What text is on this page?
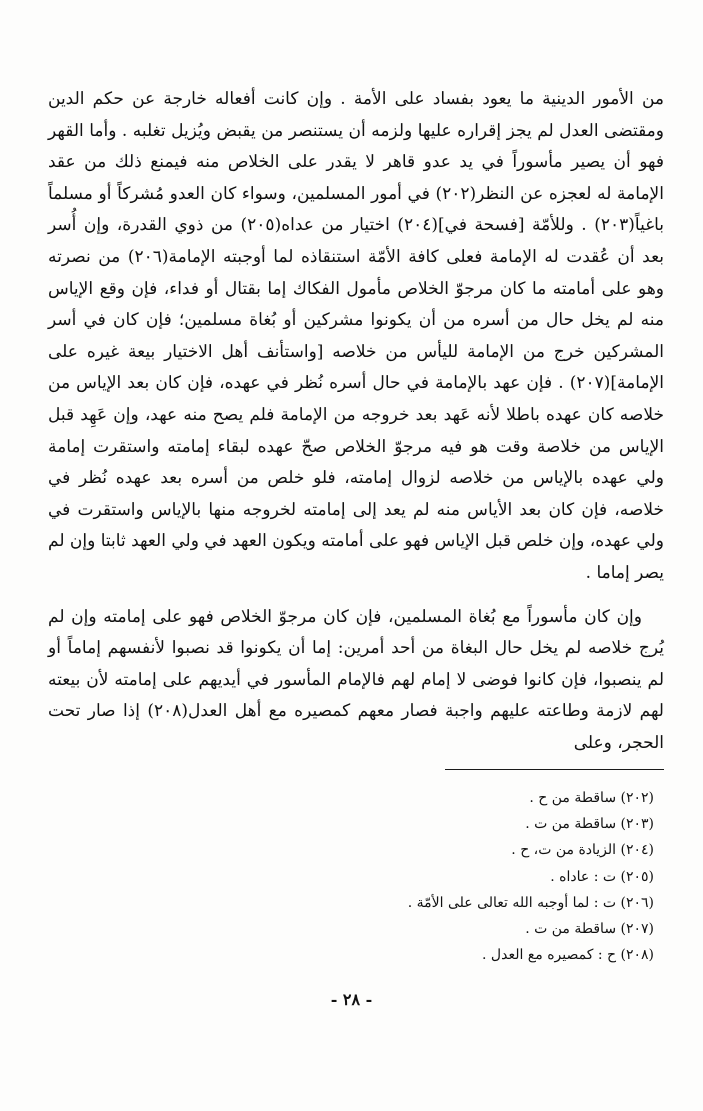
من الأمور الدينية ما يعود بفساد على الأمة . وإن كانت أفعاله خارجة عن حكم الدين ومقتضى العدل لم يجز إقراره عليها ولزمه أن يستنصر من يقبض ويُزيل تغلبه . وأما القهر فهو أن يصير مأسوراً في يد عدو قاهر لا يقدر على الخلاص منه فيمنع ذلك من عقد الإمامة له لعجزه عن النظر(٢٠٢) في أمور المسلمين، وسواء كان العدو مُشركاً أو مسلماً باغياً(٢٠٣) . وللأمّة [فسحة في](٢٠٤) اختيار من عداه(٢٠٥) من ذوي القدرة، وإن أُسر بعد أن عُقدت له الإمامة فعلى كافة الأمّة استنقاذه لما أوجبته الإمامة(٢٠٦) من نصرته وهو على أمامته ما كان مرجوّ الخلاص مأمول الفكاك إما بقتال أو فداء، فإن وقع الإياس منه لم يخل حال من أسره من أن يكونوا مشركين أو بُغاة مسلمين؛ فإن كان في أسر المشركين خرج من الإمامة لليأس من خلاصه [واستأنف أهل الاختيار بيعة غيره على الإمامة](٢٠٧) . فإن عهد بالإمامة في حال أسره نُظر في عهده، فإن كان بعد الإياس من خلاصه كان عهده باطلا لأنه عَهد بعد خروجه من الإمامة فلم يصح منه عهد، وإن عَهِد قبل الإياس من خلاصة وقت هو فيه مرجوّ الخلاص صحّ عهده لبقاء إمامته واستقرت إمامة ولي عهده بالإياس من خلاصه لزوال إمامته، فلو خلص من أسره بعد عهده نُظر في خلاصه، فإن كان بعد الأياس منه لم يعد إلى إمامته لخروجه منها بالإياس واستقرت في ولي عهده، وإن خلص قبل الإياس فهو على أمامته ويكون العهد في ولي العهد ثابتا وإن لم يصر إماما .

وإن كان مأسوراً مع بُغاة المسلمين، فإن كان مرجوّ الخلاص فهو على إمامته وإن لم يُرج خلاصه لم يخل حال البغاة من أحد أمرين: إما أن يكونوا قد نصبوا لأنفسهم إماماً أو لم ينصبوا، فإن كانوا فوضى لا إمام لهم فالإمام المأسور في أيديهم على إمامته لأن بيعته لهم لازمة وطاعته عليهم واجبة فصار معهم كمصيره مع أهل العدل(٢٠٨) إذا صار تحت الحجر، وعلى

(٢٠٢) ساقطة من ح .
(٢٠٣) ساقطة من ت .
(٢٠٤) الزيادة من ت، ح .
(٢٠٥) ت : عاداه .
(٢٠٦) ت : لما أوجبه الله تعالى على الأمّة .
(٢٠٧) ساقطة من ت .
(٢٠٨) ح : كمصيره مع العدل .
- ٢٨ -
